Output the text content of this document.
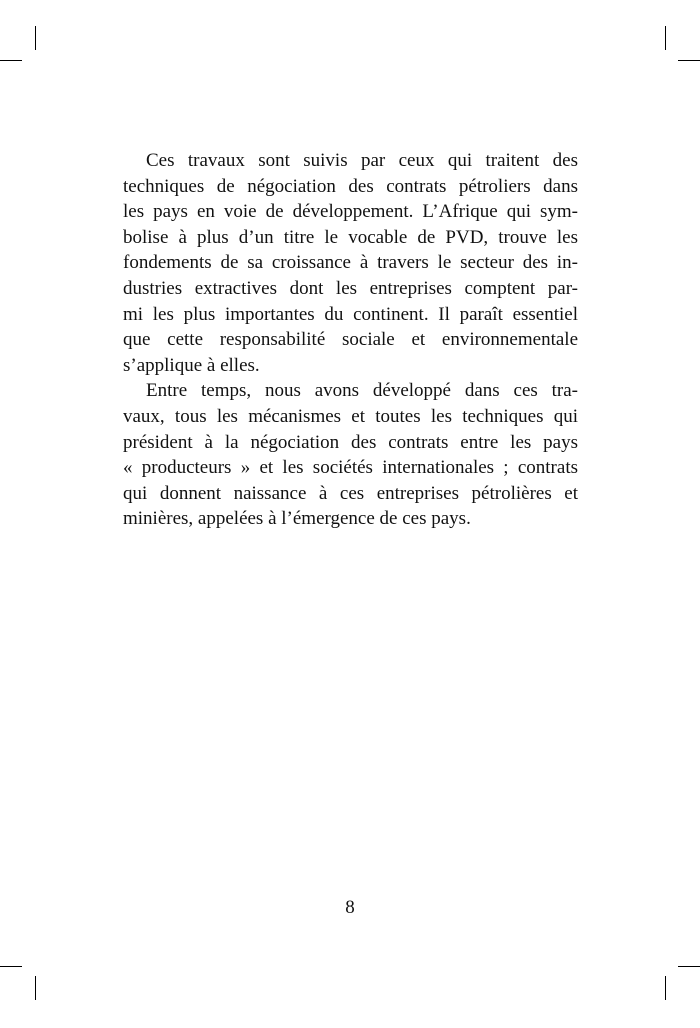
Ces travaux sont suivis par ceux qui traitent des
techniques de négociation des contrats pétroliers dans
les pays en voie de développement. L’Afrique qui sym-
bolise à plus d’un titre le vocable de PVD, trouve les
fondements de sa croissance à travers le secteur des in-
dustries extractives dont les entreprises comptent par-
mi les plus importantes du continent. Il paraît essentiel
que cette responsabilité sociale et environnementale
s’applique à elles.
Entre temps, nous avons développé dans ces tra-
vaux, tous les mécanismes et toutes les techniques qui
président à la négociation des contrats entre les pays
« producteurs » et les sociétés internationales ; contrats
qui donnent naissance à ces entreprises pétrolières et
minières, appelées à l’émergence de ces pays.
8
